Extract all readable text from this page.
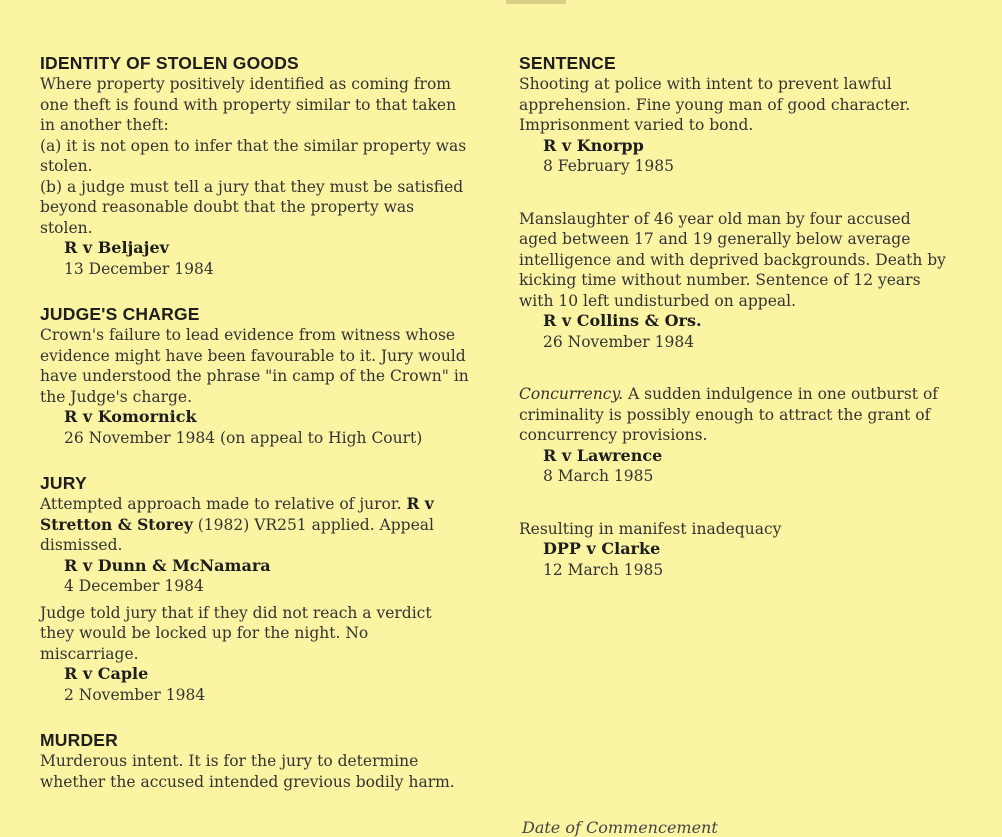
IDENTITY OF STOLEN GOODS

Where property positively identified as coming from one theft is found with property similar to that taken in another theft:

(a) it is not open to infer that the similar property was stolen.

(b) a judge must tell a jury that they must be satisfied beyond reasonable doubt that the property was stolen.

R v Beljajev
13 December 1984
JUDGE'S CHARGE

Crown's failure to lead evidence from witness whose evidence might have been favourable to it. Jury would have understood the phrase "in camp of the Crown" in the Judge's charge.

R v Komornick
26 November 1984 (on appeal to High Court)
JURY

Attempted approach made to relative of juror. R v Stretton & Storey (1982) VR251 applied. Appeal dismissed.

R v Dunn & McNamara
4 December 1984

Judge told jury that if they did not reach a verdict they would be locked up for the night. No miscarriage.

R v Caple
2 November 1984
MURDER

Murderous intent. It is for the jury to determine whether the accused intended grevious bodily harm.

SENTENCE

Shooting at police with intent to prevent lawful apprehension. Fine young man of good character. Imprisonment varied to bond.

R v Knorpp
8 February 1985

Manslaughter of 46 year old man by four accused aged between 17 and 19 generally below average intelligence and with deprived backgrounds. Death by kicking time without number. Sentence of 12 years with 10 left undisturbed on appeal.

R v Collins & Ors.
26 November 1984

Concurrency. A sudden indulgence in one outburst of criminality is possibly enough to attract the grant of concurrency provisions.

R v Lawrence
8 March 1985

Resulting in manifest inadequacy

DPP v Clarke
12 March 1985
Date of Commencement
